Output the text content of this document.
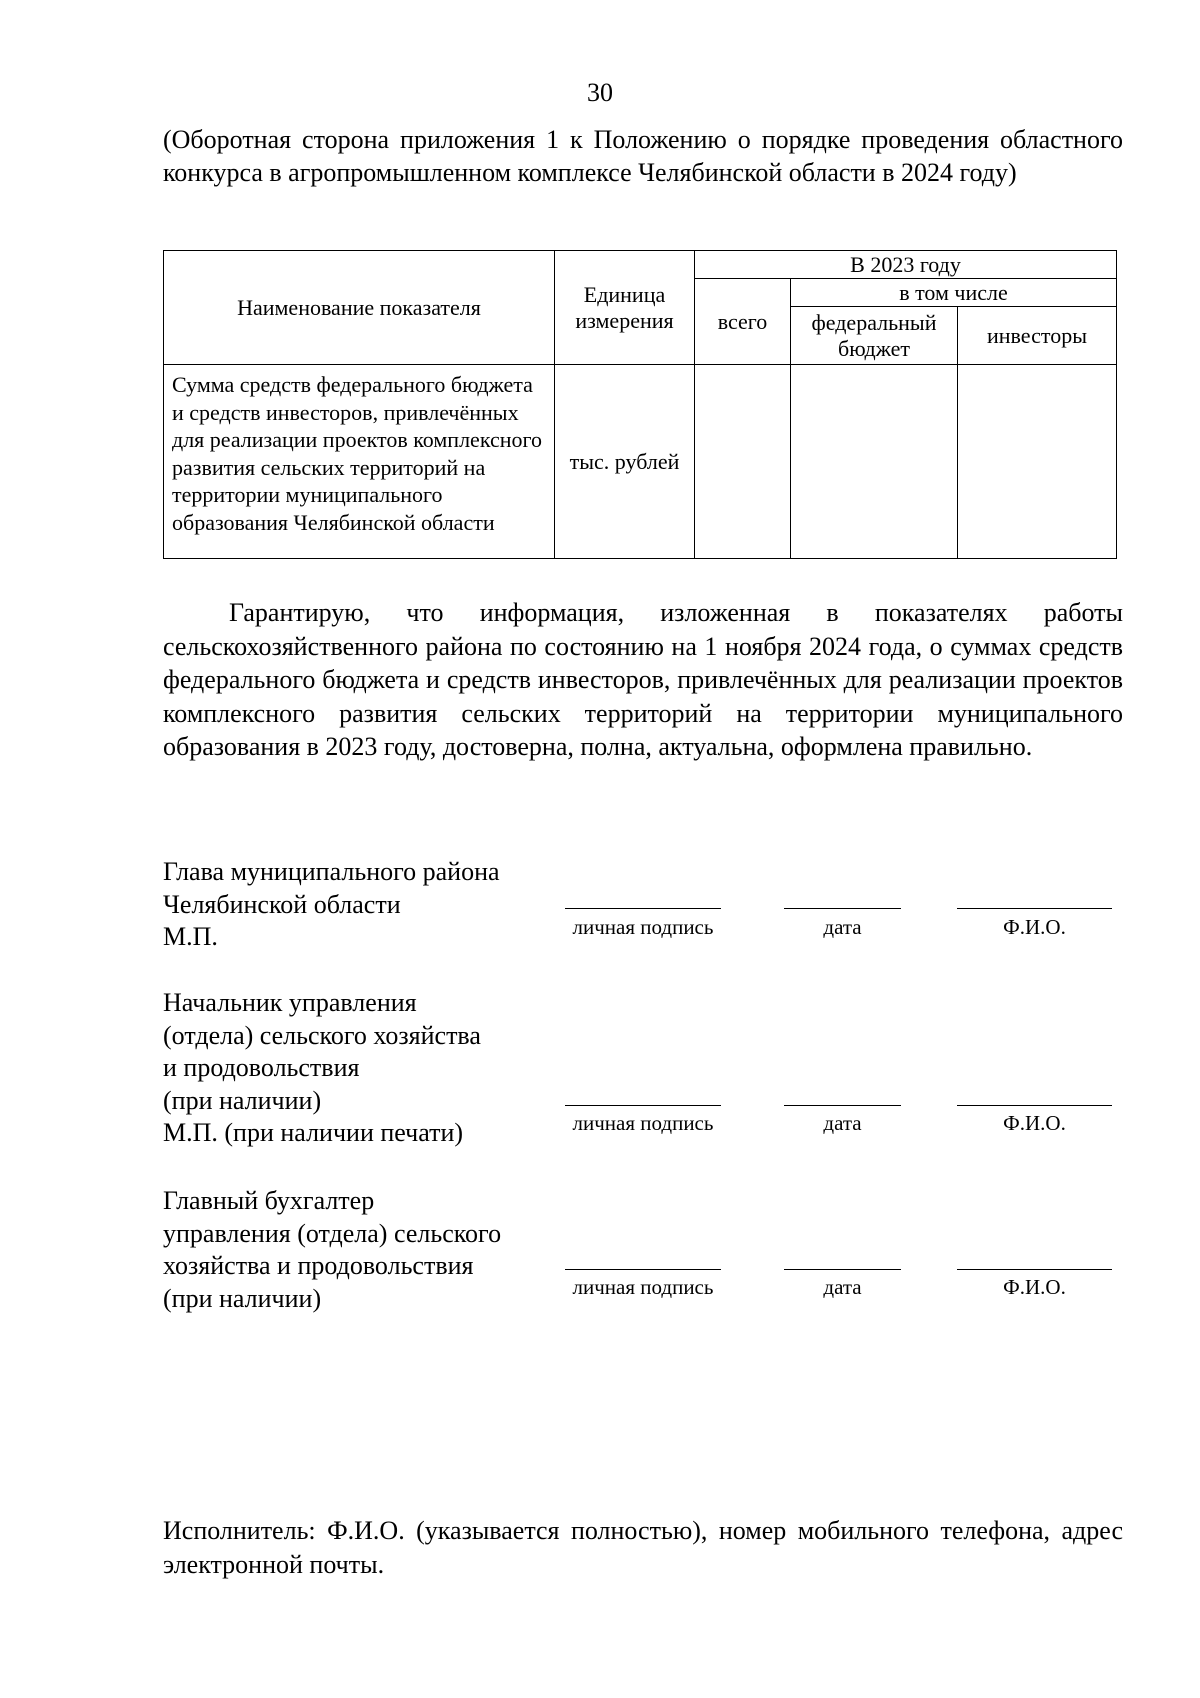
30
(Оборотная сторона приложения 1 к Положению о порядке проведения областного конкурса в агропромышленном комплексе Челябинской области в 2024 году)
Наименование показателя	Единица измерения	В 2023 году		
		всего	в том числе	
			федеральный бюджет	инвесторы
Сумма средств федерального бюджета и средств инвесторов, привлечённых для реализации проектов комплексного развития сельских территорий на территории муниципального образования Челябинской области	тыс. рублей			
Гарантирую, что информация, изложенная в показателях работы сельскохозяйственного района по состоянию на 1 ноября 2024 года, о суммах средств федерального бюджета и средств инвесторов, привлечённых для реализации проектов комплексного развития сельских территорий на территории муниципального образования в 2023 году, достоверна, полна, актуальна, оформлена правильно.
Глава муниципального района
Челябинской области
М.П.	личная подпись	дата	Ф.И.О.
Начальник управления
(отдела) сельского хозяйства
и продовольствия
(при наличии)
М.П. (при наличии печати)	личная подпись	дата	Ф.И.О.
Главный бухгалтер
управления (отдела) сельского
хозяйства и продовольствия
(при наличии)	личная подпись	дата	Ф.И.О.
Исполнитель: Ф.И.О. (указывается полностью), номер мобильного телефона, адрес электронной почты.
